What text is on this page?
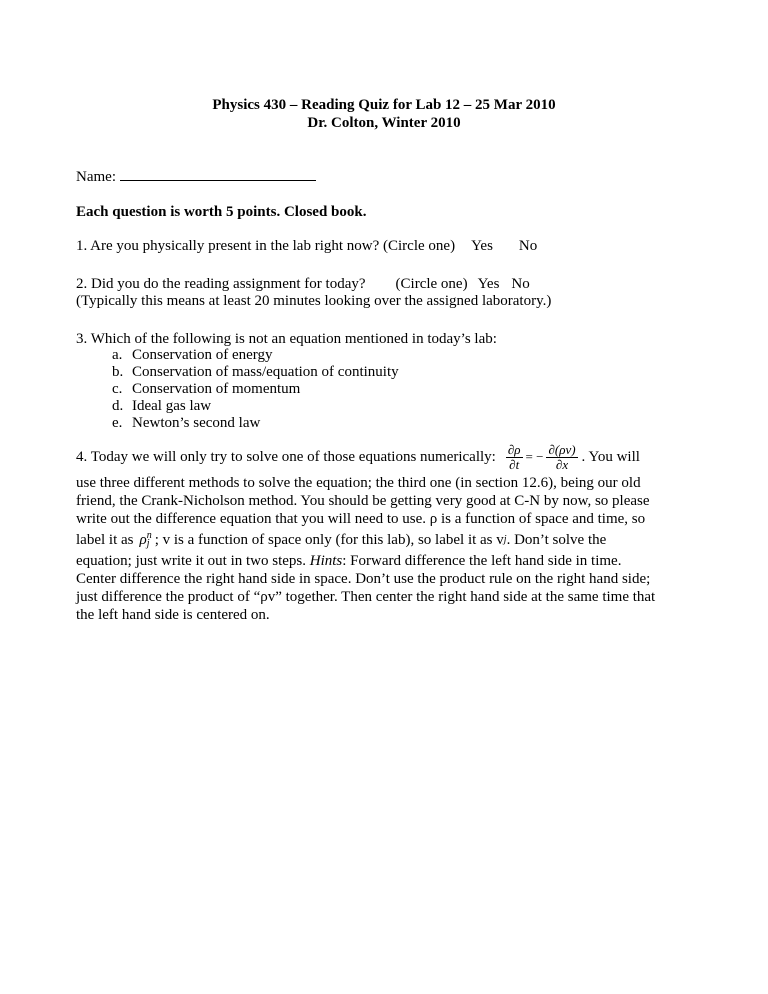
Physics 430 – Reading Quiz for Lab 12 – 25 Mar 2010
Dr. Colton, Winter 2010
Name:
Each question is worth 5 points. Closed book.
1. Are you physically present in the lab right now? (Circle one) Yes No
2. Did you do the reading assignment for today? (Circle one) Yes No
(Typically this means at least 20 minutes looking over the assigned laboratory.)
3. Which of the following is not an equation mentioned in today’s lab:
a. Conservation of energy
b. Conservation of mass/equation of continuity
c. Conservation of momentum
d. Ideal gas law
e. Newton’s second law
4. Today we will only try to solve one of those equations numerically: $\frac{\partial\rho}{\partial t}$ = − $\frac{\partial(\rho v)}{\partial x}$ . You will
use three different methods to solve the equation; the third one (in section 12.6), being our old
friend, the Crank-Nicholson method. You should be getting very good at C-N by now, so please
write out the difference equation that you will need to use. ρ is a function of space and time, so
label it as ρ n
j ; v is a function of space only (for this lab), so label it as v j . Don’t solve the
equation; just write it out in two steps. Hints: Forward difference the left hand side in time.
Center difference the right hand side in space. Don’t use the product rule on the right hand side;
just difference the product of “ρv” together. Then center the right hand side at the same time that
the left hand side is centered on.
